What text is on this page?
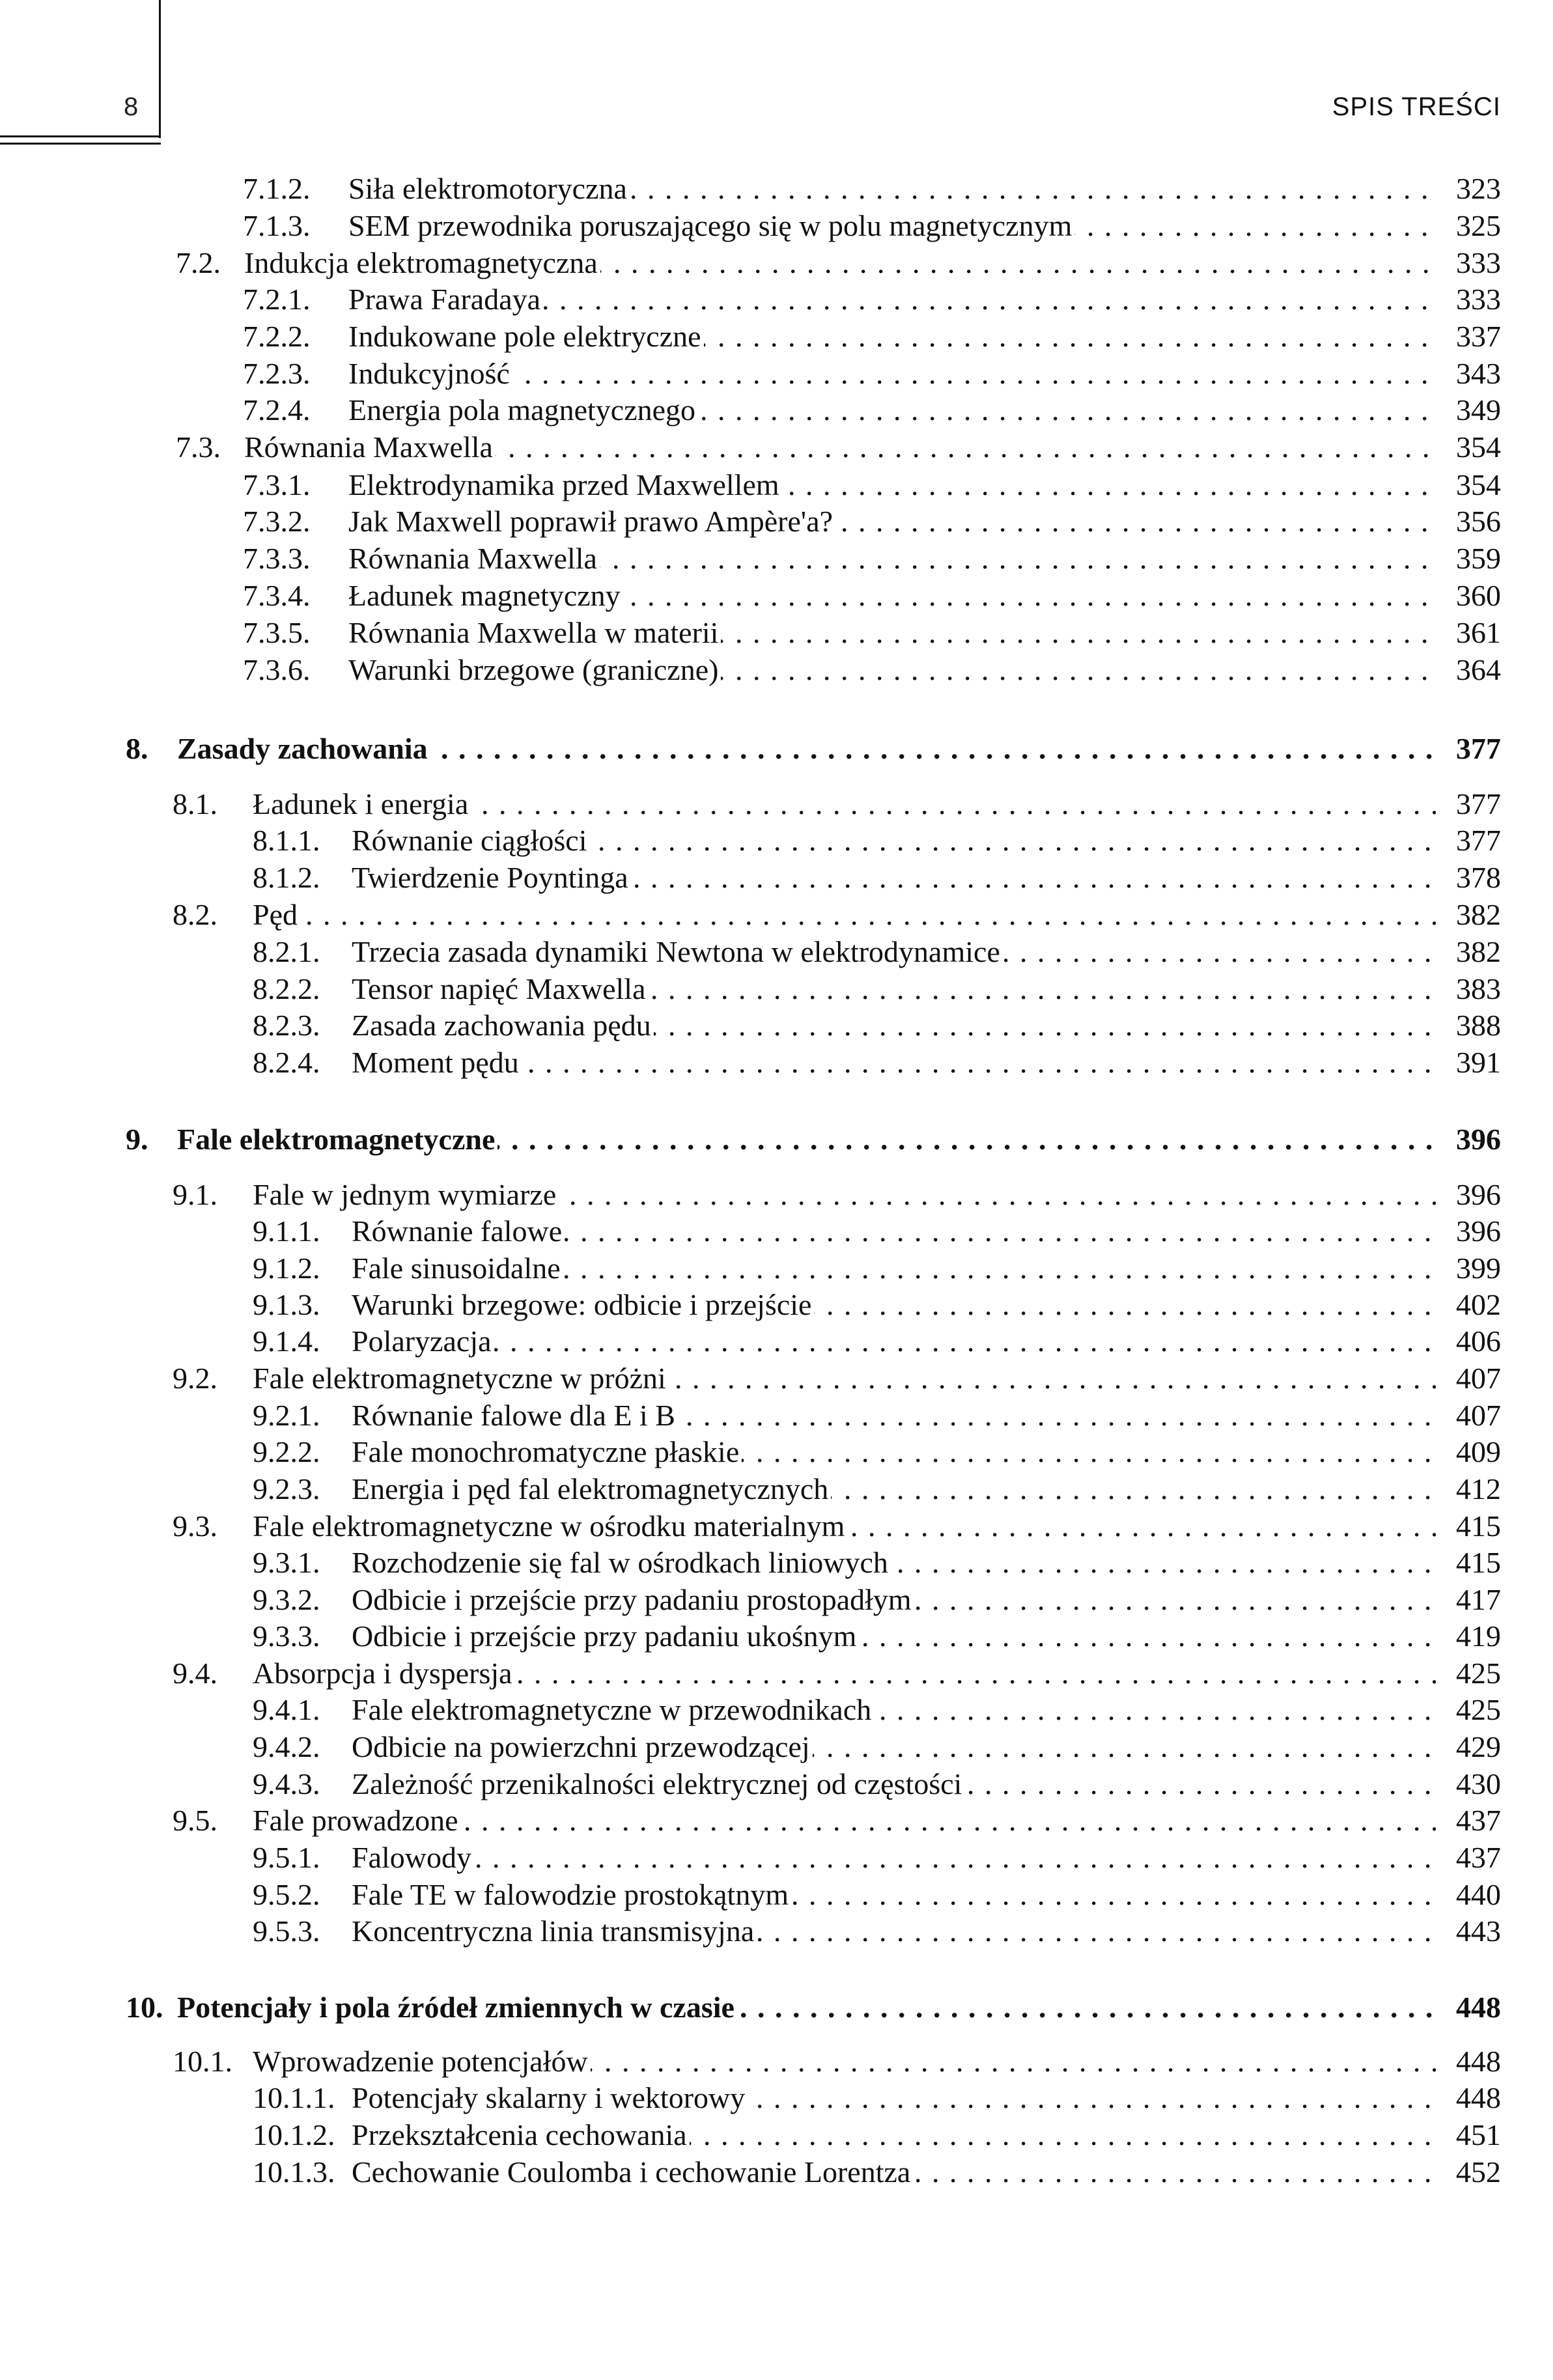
8	SPIS TREŚCI
7.1.2. Siła elektromotoryczna . . .	323
7.1.3. SEM przewodnika poruszającego się w polu magnetycznym . . .	325
7.2. Indukcja elektromagnetyczna . . .	333
7.2.1. Prawa Faradaya . . .	333
7.2.2. Indukowane pole elektryczne . . .	337
7.2.3. Indukcyjność . . .	343
7.2.4. Energia pola magnetycznego . . .	349
7.3. Równania Maxwella . . .	354
7.3.1. Elektrodynamika przed Maxwellem . . .	354
7.3.2. Jak Maxwell poprawił prawo Ampère'a? . . .	356
7.3.3. Równania Maxwella . . .	359
7.3.4. Ładunek magnetyczny . . .	360
7.3.5. Równania Maxwella w materii . . .	361
7.3.6. Warunki brzegowe (graniczne) . . .	364
8. Zasady zachowania . . .	377
8.1. Ładunek i energia . . .	377
8.1.1. Równanie ciągłości . . .	377
8.1.2. Twierdzenie Poyntinga . . .	378
8.2. Pęd . . .	382
8.2.1. Trzecia zasada dynamiki Newtona w elektrodynamice . . .	382
8.2.2. Tensor napięć Maxwella . . .	383
8.2.3. Zasada zachowania pędu . . .	388
8.2.4. Moment pędu . . .	391
9. Fale elektromagnetyczne . . .	396
9.1. Fale w jednym wymiarze . . .	396
9.1.1. Równanie falowe . . .	396
9.1.2. Fale sinusoidalne . . .	399
9.1.3. Warunki brzegowe: odbicie i przejście . . .	402
9.1.4. Polaryzacja . . .	406
9.2. Fale elektromagnetyczne w próżni . . .	407
9.2.1. Równanie falowe dla E i B . . .	407
9.2.2. Fale monochromatyczne płaskie . . .	409
9.2.3. Energia i pęd fal elektromagnetycznych . . .	412
9.3. Fale elektromagnetyczne w ośrodku materialnym . . .	415
9.3.1. Rozchodzenie się fal w ośrodkach liniowych . . .	415
9.3.2. Odbicie i przejście przy padaniu prostopadłym . . .	417
9.3.3. Odbicie i przejście przy padaniu ukośnym . . .	419
9.4. Absorpcja i dyspersja . . .	425
9.4.1. Fale elektromagnetyczne w przewodnikach . . .	425
9.4.2. Odbicie na powierzchni przewodzącej . . .	429
9.4.3. Zależność przenikalności elektrycznej od częstości . . .	430
9.5. Fale prowadzone . . .	437
9.5.1. Falowody . . .	437
9.5.2. Fale TE w falowodzie prostokątnym . . .	440
9.5.3. Koncentryczna linia transmisyjna . . .	443
10. Potencjały i pola źródeł zmiennych w czasie . . .	448
10.1. Wprowadzenie potencjałów . . .	448
10.1.1. Potencjały skalarny i wektorowy . . .	448
10.1.2. Przekształcenia cechowania . . .	451
10.1.3. Cechowanie Coulomba i cechowanie Lorentza . . .	452
